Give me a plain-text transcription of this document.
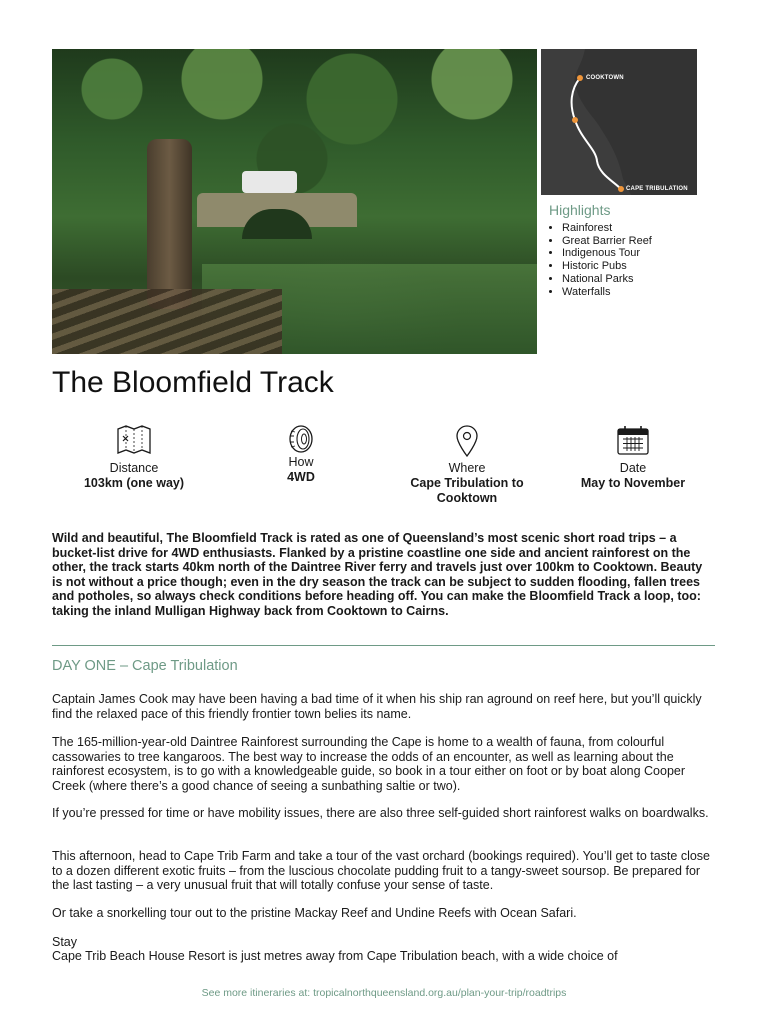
COOKTOWN
CAPE TRIBULATION
Highlights
• Rainforest
• Great Barrier Reef
• Indigenous Tour
• Historic Pubs
• National Parks
• Waterfalls
The Bloomfield Track
Distance
103km (one way)
How
4WD
Where
Cape Tribulation to Cooktown
Date
May to November

Wild and beautiful, The Bloomfield Track is rated as one of Queensland’s most scenic short road trips – a bucket-list drive for 4WD enthusiasts. Flanked by a pristine coastline one side and ancient rainforest on the other, the track starts 40km north of the Daintree River ferry and travels just over 100km to Cooktown. Beauty is not without a price though; even in the dry season the track can be subject to sudden flooding, fallen trees and potholes, so always check conditions before heading off. You can make the Bloomfield Track a loop, too: taking the inland Mulligan Highway back from Cooktown to Cairns.

DAY ONE – Cape Tribulation

Captain James Cook may have been having a bad time of it when his ship ran aground on reef here, but you’ll quickly find the relaxed pace of this friendly frontier town belies its name.

The 165-million-year-old Daintree Rainforest surrounding the Cape is home to a wealth of fauna, from colourful cassowaries to tree kangaroos. The best way to increase the odds of an encounter, as well as learning about the rainforest ecosystem, is to go with a knowledgeable guide, so book in a tour either on foot or by boat along Cooper Creek (where there’s a good chance of seeing a sunbathing saltie or two).

If you’re pressed for time or have mobility issues, there are also three self-guided short rainforest walks on boardwalks.

This afternoon, head to Cape Trib Farm and take a tour of the vast orchard (bookings required). You’ll get to taste close to a dozen different exotic fruits – from the luscious chocolate pudding fruit to a tangy-sweet soursop. Be prepared for the last tasting – a very unusual fruit that will totally confuse your sense of taste.

Or take a snorkelling tour out to the pristine Mackay Reef and Undine Reefs with Ocean Safari.

Stay

Cape Trib Beach House Resort is just metres away from Cape Tribulation beach, with a wide choice of

See more itineraries at: tropicalnorthqueensland.org.au/plan-your-trip/roadtrips
